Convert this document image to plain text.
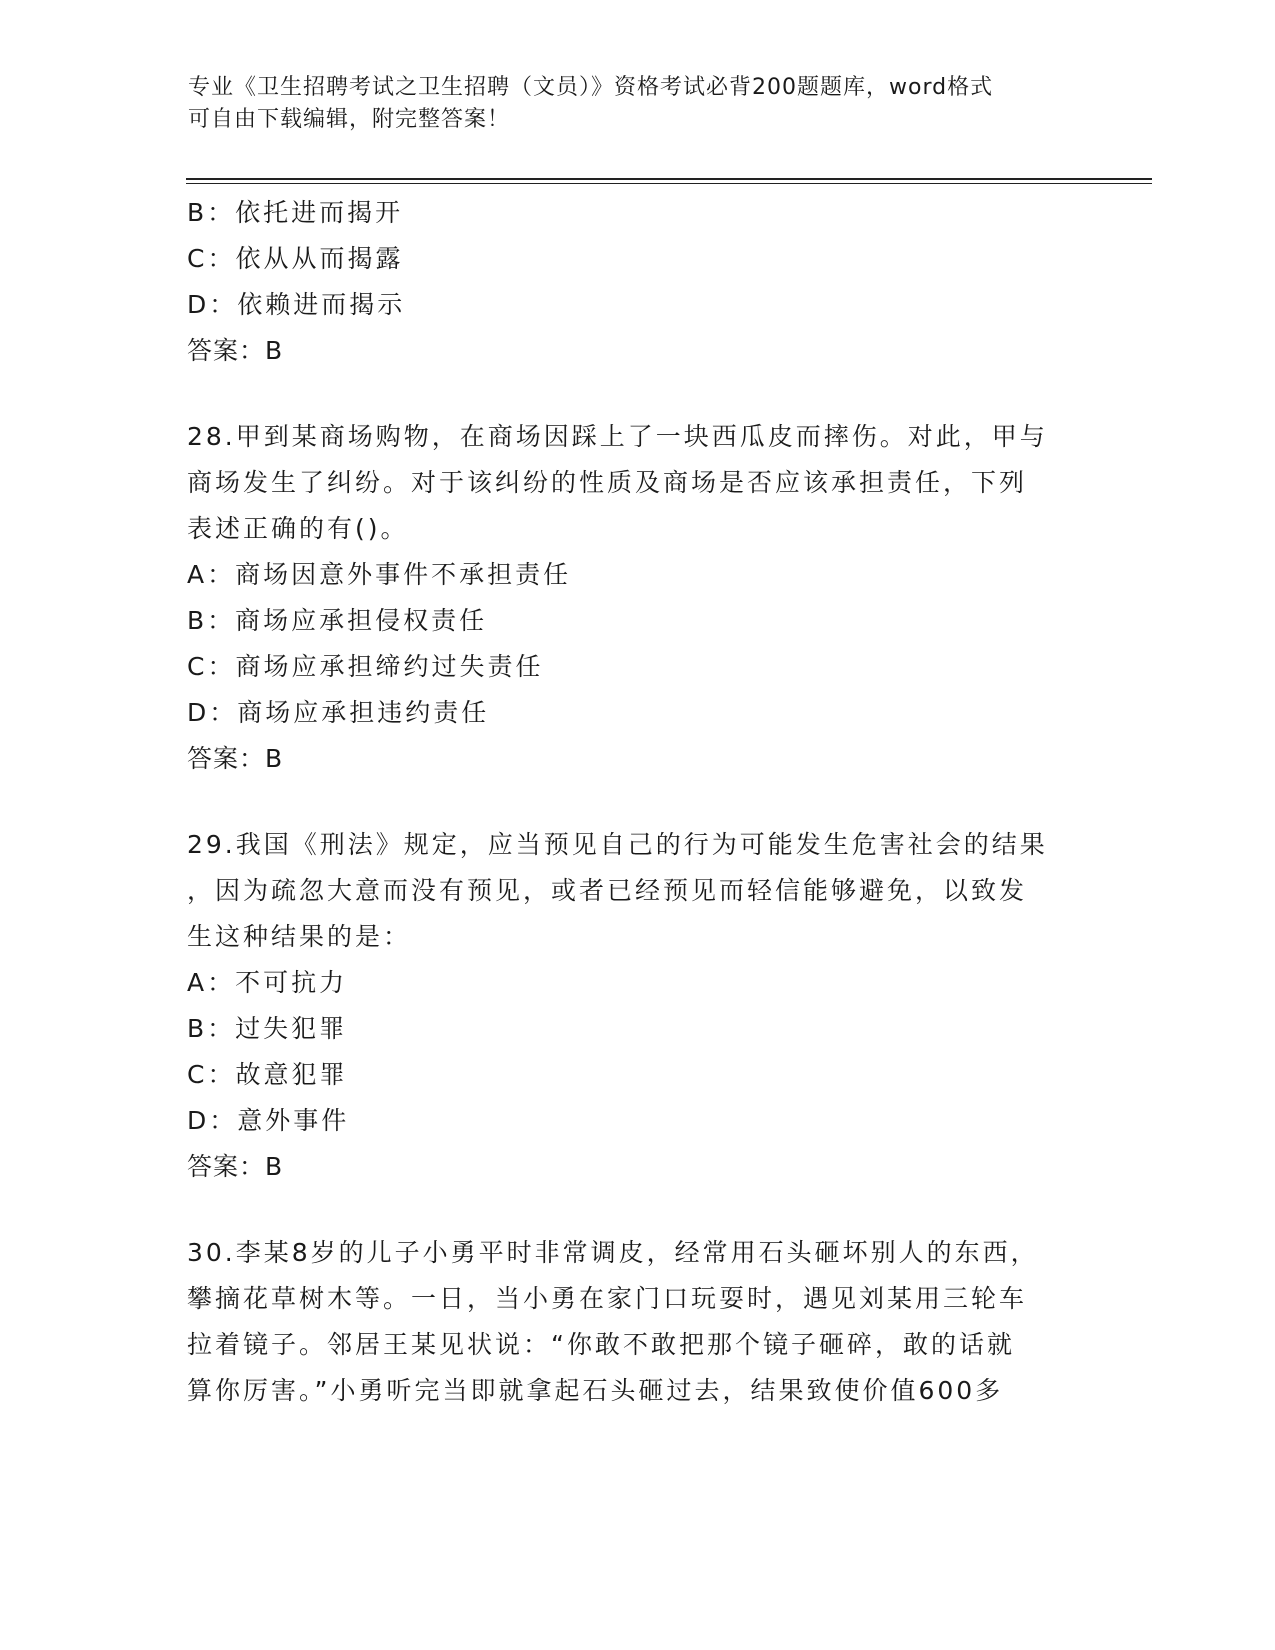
专业《卫生招聘考试之卫生招聘（文员）》资格考试必背200题题库，word格式
可自由下载编辑，附完整答案！
B：依托进而揭开
C：依从从而揭露
D：依赖进而揭示
答案：B
28.甲到某商场购物，在商场因踩上了一块西瓜皮而摔伤。对此，甲与
商场发生了纠纷。对于该纠纷的性质及商场是否应该承担责任，下列
表述正确的有()。
A：商场因意外事件不承担责任
B：商场应承担侵权责任
C：商场应承担缔约过失责任
D：商场应承担违约责任
答案：B
29.我国《刑法》规定，应当预见自己的行为可能发生危害社会的结果
，因为疏忽大意而没有预见，或者已经预见而轻信能够避免，以致发
生这种结果的是：
A：不可抗力
B：过失犯罪
C：故意犯罪
D：意外事件
答案：B
30.李某8岁的儿子小勇平时非常调皮，经常用石头砸坏别人的东西，
攀摘花草树木等。一日，当小勇在家门口玩耍时，遇见刘某用三轮车
拉着镜子。邻居王某见状说：“你敢不敢把那个镜子砸碎，敢的话就
算你厉害。”小勇听完当即就拿起石头砸过去，结果致使价值600多
